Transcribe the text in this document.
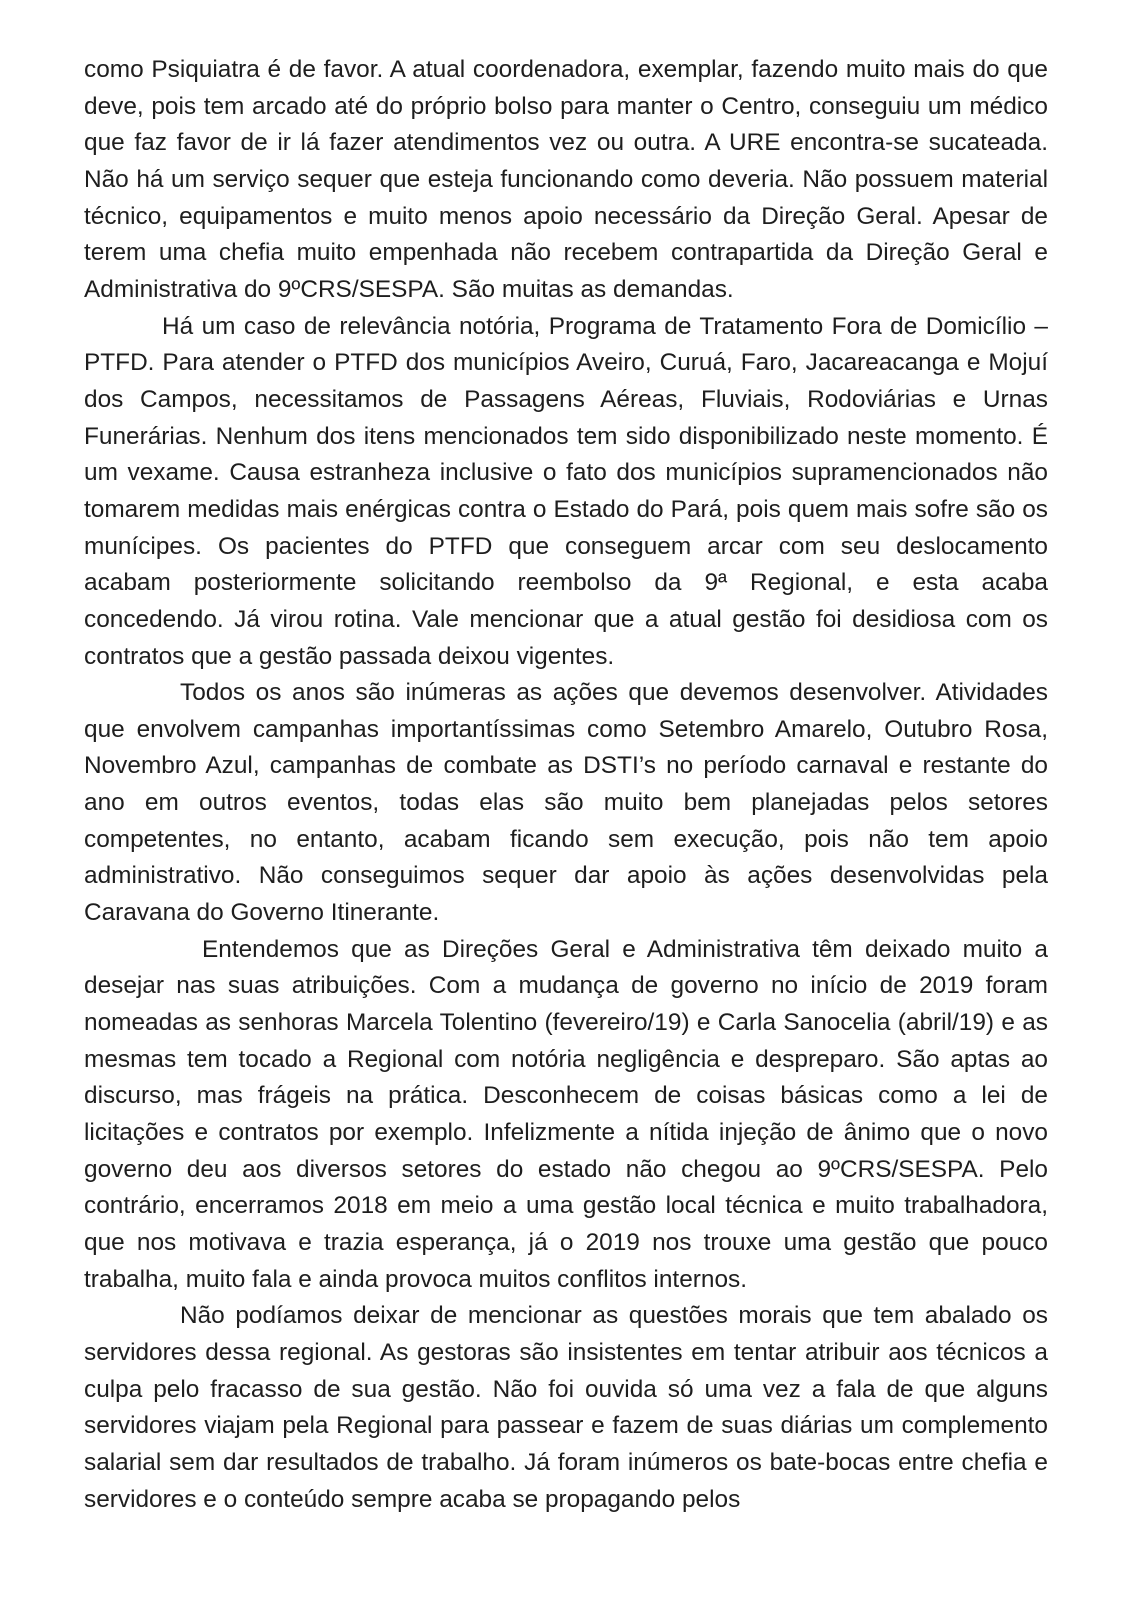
como Psiquiatra é de favor. A atual coordenadora, exemplar, fazendo muito mais do que deve, pois tem arcado até do próprio bolso para manter o Centro, conseguiu um médico que faz favor de ir lá fazer atendimentos vez ou outra. A URE encontra-se sucateada. Não há um serviço sequer que esteja funcionando como deveria. Não possuem material técnico, equipamentos e muito menos apoio necessário da Direção Geral. Apesar de terem uma chefia muito empenhada não recebem contrapartida da Direção Geral e Administrativa do 9ºCRS/SESPA. São muitas as demandas.

Há um caso de relevância notória, Programa de Tratamento Fora de Domicílio – PTFD. Para atender o PTFD dos municípios Aveiro, Curuá, Faro, Jacareacanga e Mojuí dos Campos, necessitamos de Passagens Aéreas, Fluviais, Rodoviárias e Urnas Funerárias. Nenhum dos itens mencionados tem sido disponibilizado neste momento. É um vexame. Causa estranheza inclusive o fato dos municípios supramencionados não tomarem medidas mais enérgicas contra o Estado do Pará, pois quem mais sofre são os munícipes. Os pacientes do PTFD que conseguem arcar com seu deslocamento acabam posteriormente solicitando reembolso da 9ª Regional, e esta acaba concedendo. Já virou rotina. Vale mencionar que a atual gestão foi desidiosa com os contratos que a gestão passada deixou vigentes.

Todos os anos são inúmeras as ações que devemos desenvolver. Atividades que envolvem campanhas importantíssimas como Setembro Amarelo, Outubro Rosa, Novembro Azul, campanhas de combate as DSTI’s no período carnaval e restante do ano em outros eventos, todas elas são muito bem planejadas pelos setores competentes, no entanto, acabam ficando sem execução, pois não tem apoio administrativo. Não conseguimos sequer dar apoio às ações desenvolvidas pela Caravana do Governo Itinerante.

Entendemos que as Direções Geral e Administrativa têm deixado muito a desejar nas suas atribuições. Com a mudança de governo no início de 2019 foram nomeadas as senhoras Marcela Tolentino (fevereiro/19) e Carla Sanocelia (abril/19) e as mesmas tem tocado a Regional com notória negligência e despreparo. São aptas ao discurso, mas frágeis na prática. Desconhecem de coisas básicas como a lei de licitações e contratos por exemplo. Infelizmente a nítida injeção de ânimo que o novo governo deu aos diversos setores do estado não chegou ao 9ºCRS/SESPA. Pelo contrário, encerramos 2018 em meio a uma gestão local técnica e muito trabalhadora, que nos motivava e trazia esperança, já o 2019 nos trouxe uma gestão que pouco trabalha, muito fala e ainda provoca muitos conflitos internos.

Não podíamos deixar de mencionar as questões morais que tem abalado os servidores dessa regional. As gestoras são insistentes em tentar atribuir aos técnicos a culpa pelo fracasso de sua gestão. Não foi ouvida só uma vez a fala de que alguns servidores viajam pela Regional para passear e fazem de suas diárias um complemento salarial sem dar resultados de trabalho. Já foram inúmeros os bate-bocas entre chefia e servidores e o conteúdo sempre acaba se propagando pelos
